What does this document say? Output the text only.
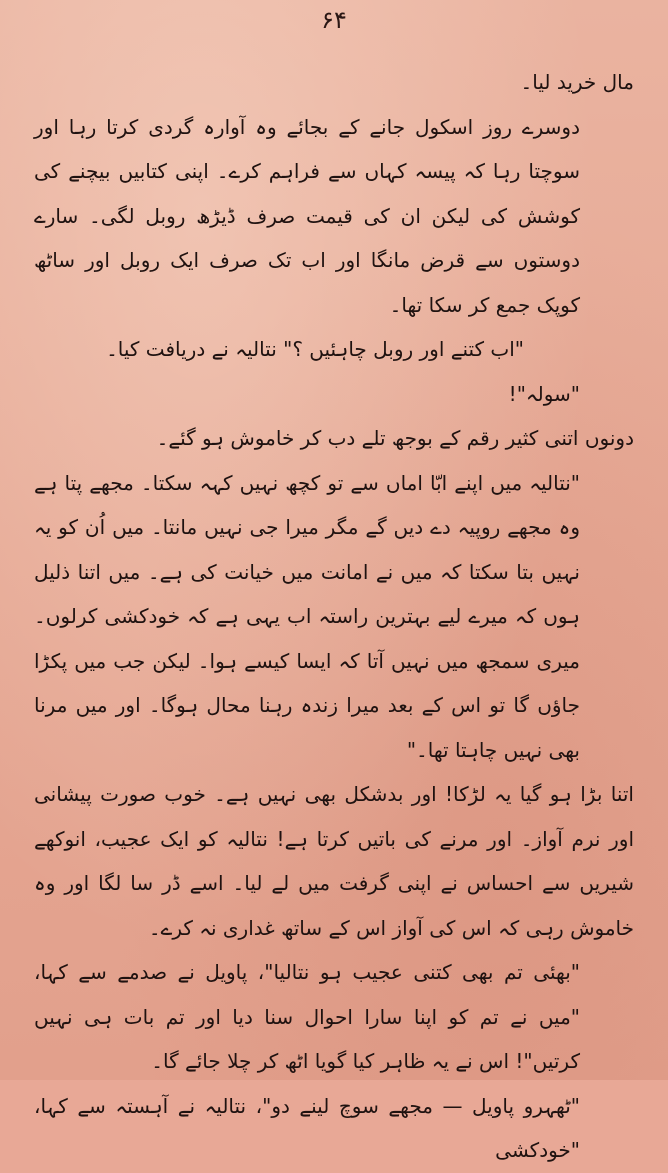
۶۴

مال خرید لیا۔

دوسرے روز اسکول جانے کے بجائے وہ آوارہ گردی کرتا رہا اور سوچتا رہا کہ پیسہ کہاں سے فراہم کرے۔ اپنی کتابیں بیچنے کی کوشش کی لیکن ان کی قیمت صرف ڈیڑھ روبل لگی۔ سارے دوستوں سے قرض مانگا اور اب تک صرف ایک روبل اور ساٹھ کوپک جمع کر سکا تھا۔

"اب کتنے اور روبل چاہئیں ؟" نتالیہ نے دریافت کیا۔

"سولہ"!

دونوں اتنی کثیر رقم کے بوجھ تلے دب کر خاموش ہو گئے۔

"نتالیہ میں اپنے ابّا اماں سے تو کچھ نہیں کہہ سکتا۔ مجھے پتا ہے وہ مجھے روپیہ دے دیں گے مگر میرا جی نہیں مانتا۔ میں اُن کو یہ نہیں بتا سکتا کہ میں نے امانت میں خیانت کی ہے۔ میں اتنا ذلیل ہوں کہ میرے لیے بہترین راستہ اب یہی ہے کہ خودکشی کرلوں۔ میری سمجھ میں نہیں آتا کہ ایسا کیسے ہوا۔ لیکن جب میں پکڑا جاؤں گا تو اس کے بعد میرا زندہ رہنا محال ہوگا۔ اور میں مرنا بھی نہیں چاہتا تھا۔"

اتنا بڑا ہو گیا یہ لڑکا! اور بدشکل بھی نہیں ہے۔ خوب صورت پیشانی اور نرم آواز۔ اور مرنے کی باتیں کرتا ہے! نتالیہ کو ایک عجیب، انوکھے شیریں سے احساس نے اپنی گرفت میں لے لیا۔ اسے ڈر سا لگا اور وہ خاموش رہی کہ اس کی آواز اس کے ساتھ غداری نہ کرے۔

"بھئی تم بھی کتنی عجیب ہو نتالیا"، پاویل نے صدمے سے کہا، "میں نے تم کو اپنا سارا احوال سنا دیا اور تم بات ہی نہیں کرتیں"! اس نے یہ ظاہر کیا گویا اٹھ کر چلا جائے گا۔

"ٹھہرو پاویل — مجھے سوچ لینے دو"، نتالیہ نے آہستہ سے کہا، "خودکشی
